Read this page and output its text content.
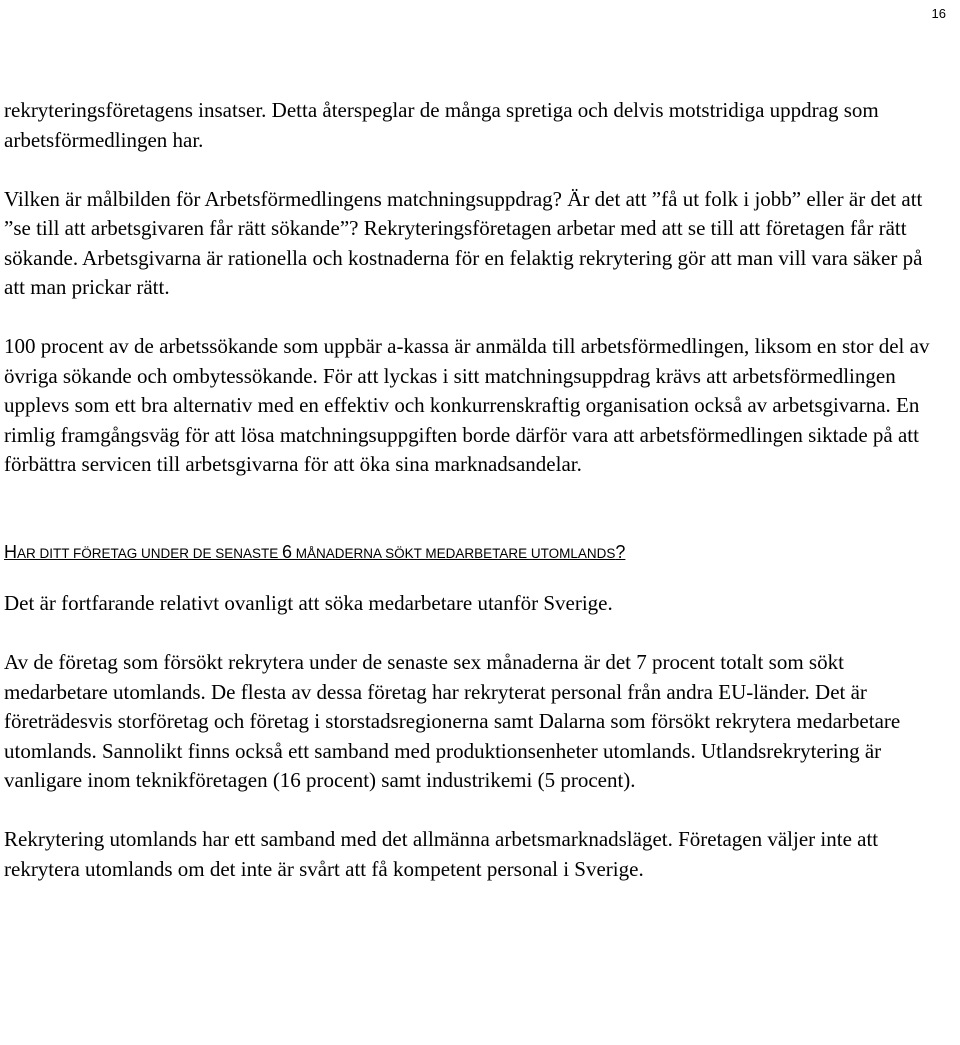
16

rekryteringsföretagens insatser. Detta återspeglar de många spretiga och delvis motstridiga uppdrag som arbetsförmedlingen har.

Vilken är målbilden för Arbetsförmedlingens matchningsuppdrag? Är det att ”få ut folk i jobb” eller är det att ”se till att arbetsgivaren får rätt sökande”? Rekryteringsföretagen arbetar med att se till att företagen får rätt sökande. Arbetsgivarna är rationella och kostnaderna för en felaktig rekrytering gör att man vill vara säker på att man prickar rätt.

100 procent av de arbetssökande som uppbär a-kassa är anmälda till arbetsförmedlingen, liksom en stor del av övriga sökande och ombytessökande. För att lyckas i sitt matchningsuppdrag krävs att arbetsförmedlingen upplevs som ett bra alternativ med en effektiv och konkurrenskraftig organisation också av arbetsgivarna. En rimlig framgångsväg för att lösa matchningsuppgiften borde därför vara att arbetsförmedlingen siktade på att förbättra servicen till arbetsgivarna för att öka sina marknadsandelar.

HAR DITT FÖRETAG UNDER DE SENASTE 6 MÅNADERNA SÖKT MEDARBETARE UTOMLANDS?

Det är fortfarande relativt ovanligt att söka medarbetare utanför Sverige.

Av de företag som försökt rekrytera under de senaste sex månaderna är det 7 procent totalt som sökt medarbetare utomlands. De flesta av dessa företag har rekryterat personal från andra EU-länder. Det är företrädesvis storföretag och företag i storstadsregionerna samt Dalarna som försökt rekrytera medarbetare utomlands. Sannolikt finns också ett samband med produktionsenheter utomlands. Utlandsrekrytering är vanligare inom teknikföretagen (16 procent) samt industrikemi (5 procent).

Rekrytering utomlands har ett samband med det allmänna arbetsmarknadsläget. Företagen väljer inte att rekrytera utomlands om det inte är svårt att få kompetent personal i Sverige.
